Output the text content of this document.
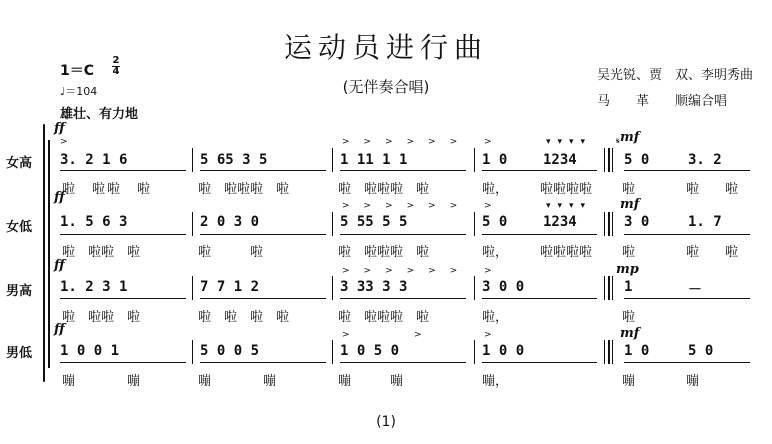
运动员进行曲
(无伴奏合唱)
吴光锐、贾　双、李明秀曲
马　　革　　顺编合唱
1＝C
2
4
♩＝104
雄壮、有力地
女高
女低
男高
男低
ff
ff
ff
ff
mf
mf
mp
mf
3. 2 1 6	5 65 3 5	1 11 1 1	1 0	1234	5 0	3. 2
啦　啦啦　啦	啦　啦啦啦　啦	啦　啦啦啦　啦	啦， 啦啦啦啦 啦	啦　　啦
1. 5 6 3	2 0 3 0	5 55 5 5	5 0	1234	3 0	1. 7
啦　啦啦　啦	啦　　　啦	啦　啦啦啦　啦	啦， 啦啦啦啦 啦	啦　　啦
1. 2 3 1	7 7 1 2	3 33 3 3	3 0 0	1	－
啦　啦啦　啦	啦　啦　啦　啦	啦　啦啦啦　啦	啦，	啦
1 0 0 1	5 0 0 5	1 0 5 0	1 0 0	1 0	5 0
嘣　　　　嘣	嘣　　　　嘣	嘣　　　嘣	嘣，	嘣	嘣
>	>>>>>> >	▾▾▾▾
>>>>>> >	▾▾▾▾
>>>>>> >
>	>	>
𝄋
(1)
